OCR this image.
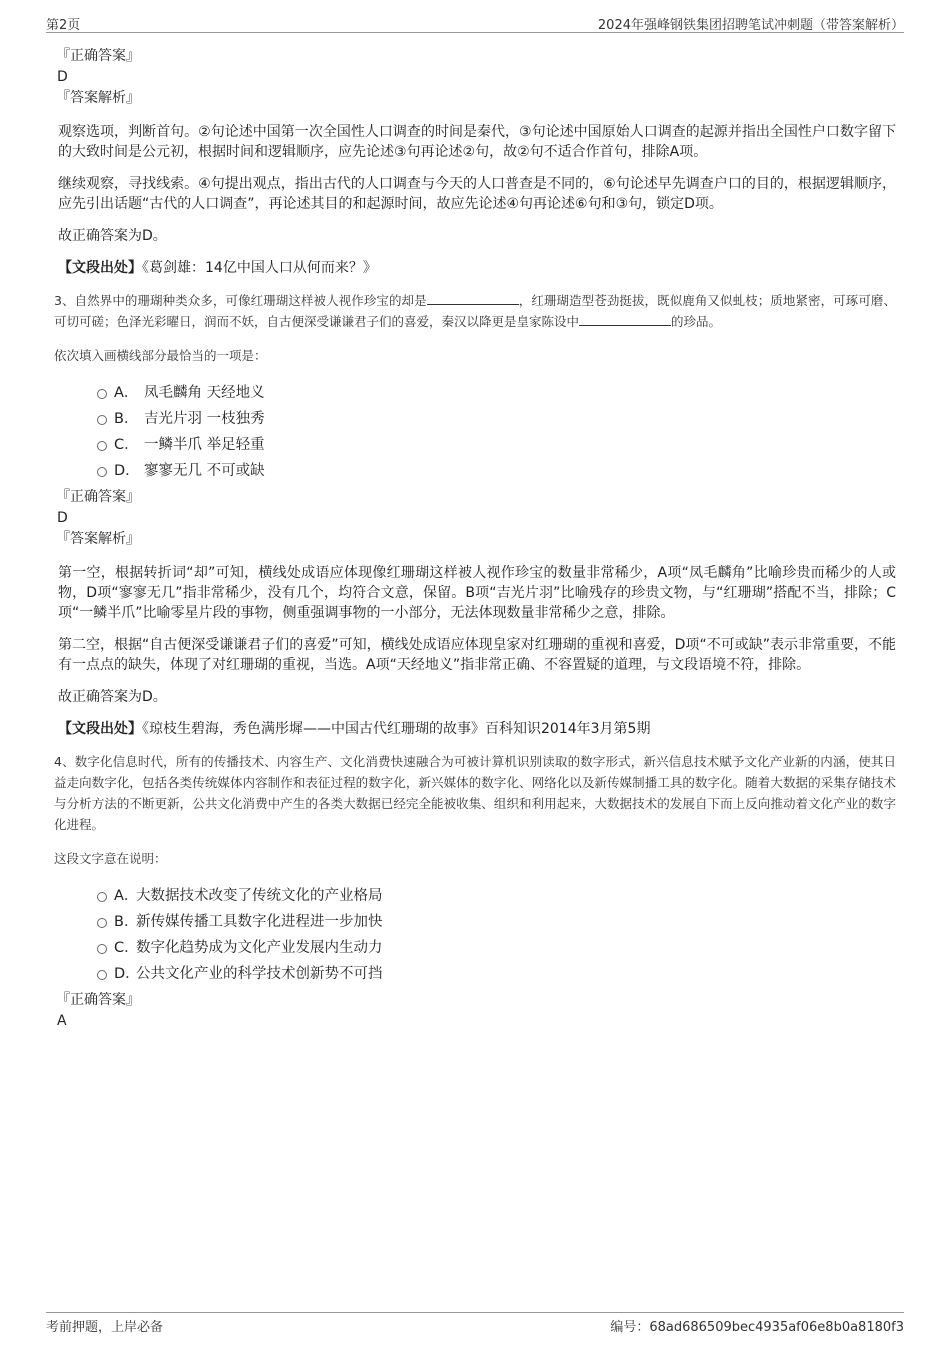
第2页	2024年强峰钢铁集团招聘笔试冲刺题（带答案解析）
『正确答案』
D
『答案解析』
观察选项，判断首句。②句论述中国第一次全国性人口调查的时间是秦代，③句论述中国原始人口调查的起源并指出全国性户口数字留下的大致时间是公元初，根据时间和逻辑顺序，应先论述③句再论述②句，故②句不适合作首句，排除A项。
继续观察，寻找线索。④句提出观点，指出古代的人口调查与今天的人口普查是不同的，⑥句论述早先调查户口的目的，根据逻辑顺序，应先引出话题“古代的人口调查”，再论述其目的和起源时间，故应先论述④句再论述⑥句和③句，锁定D项。
故正确答案为D。
【文段出处】《葛剑雄：14亿中国人口从何而来？》
3、自然界中的珊瑚种类众多，可像红珊瑚这样被人视作珍宝的却是	，红珊瑚造型苍劲挺拔，既似鹿角又似虬枝；质地紧密，可琢可磨、可切可磋；色泽光彩曜日，润而不妖，自古便深受谦谦君子们的喜爱，秦汉以降更是皇家陈设中	的珍品。
依次填入画横线部分最恰当的一项是：
A． 凤毛麟角 天经地义
B． 吉光片羽 一枝独秀
C． 一鳞半爪 举足轻重
D． 寥寥无几 不可或缺
『正确答案』
D
『答案解析』
第一空，根据转折词“却”可知，横线处成语应体现像红珊瑚这样被人视作珍宝的数量非常稀少，A项“凤毛麟角”比喻珍贵而稀少的人或物，D项“寥寥无几”指非常稀少，没有几个，均符合文意，保留。B项“吉光片羽”比喻残存的珍贵文物，与“红珊瑚”搭配不当，排除；C项“一鳞半爪”比喻零星片段的事物，侧重强调事物的一小部分，无法体现数量非常稀少之意，排除。
第二空，根据“自古便深受谦谦君子们的喜爱”可知，横线处成语应体现皇家对红珊瑚的重视和喜爱，D项“不可或缺”表示非常重要，不能有一点点的缺失，体现了对红珊瑚的重视，当选。A项“天经地义”指非常正确、不容置疑的道理，与文段语境不符，排除。
故正确答案为D。
【文段出处】《琼枝生碧海，秀色满彤墀——中国古代红珊瑚的故事》百科知识2014年3月第5期
4、数字化信息时代，所有的传播技术、内容生产、文化消费快速融合为可被计算机识别读取的数字形式，新兴信息技术赋予文化产业新的内涵，使其日益走向数字化，包括各类传统媒体内容制作和表征过程的数字化，新兴媒体的数字化、网络化以及新传媒制播工具的数字化。随着大数据的采集存储技术与分析方法的不断更新，公共文化消费中产生的各类大数据已经完全能被收集、组织和利用起来，大数据技术的发展自下而上反向推动着文化产业的数字化进程。
这段文字意在说明：
A．大数据技术改变了传统文化的产业格局
B．新传媒传播工具数字化进程进一步加快
C．数字化趋势成为文化产业发展内生动力
D．公共文化产业的科学技术创新势不可挡
『正确答案』
A
考前押题，上岸必备	编号：68ad686509bec4935af06e8b0a8180f3
